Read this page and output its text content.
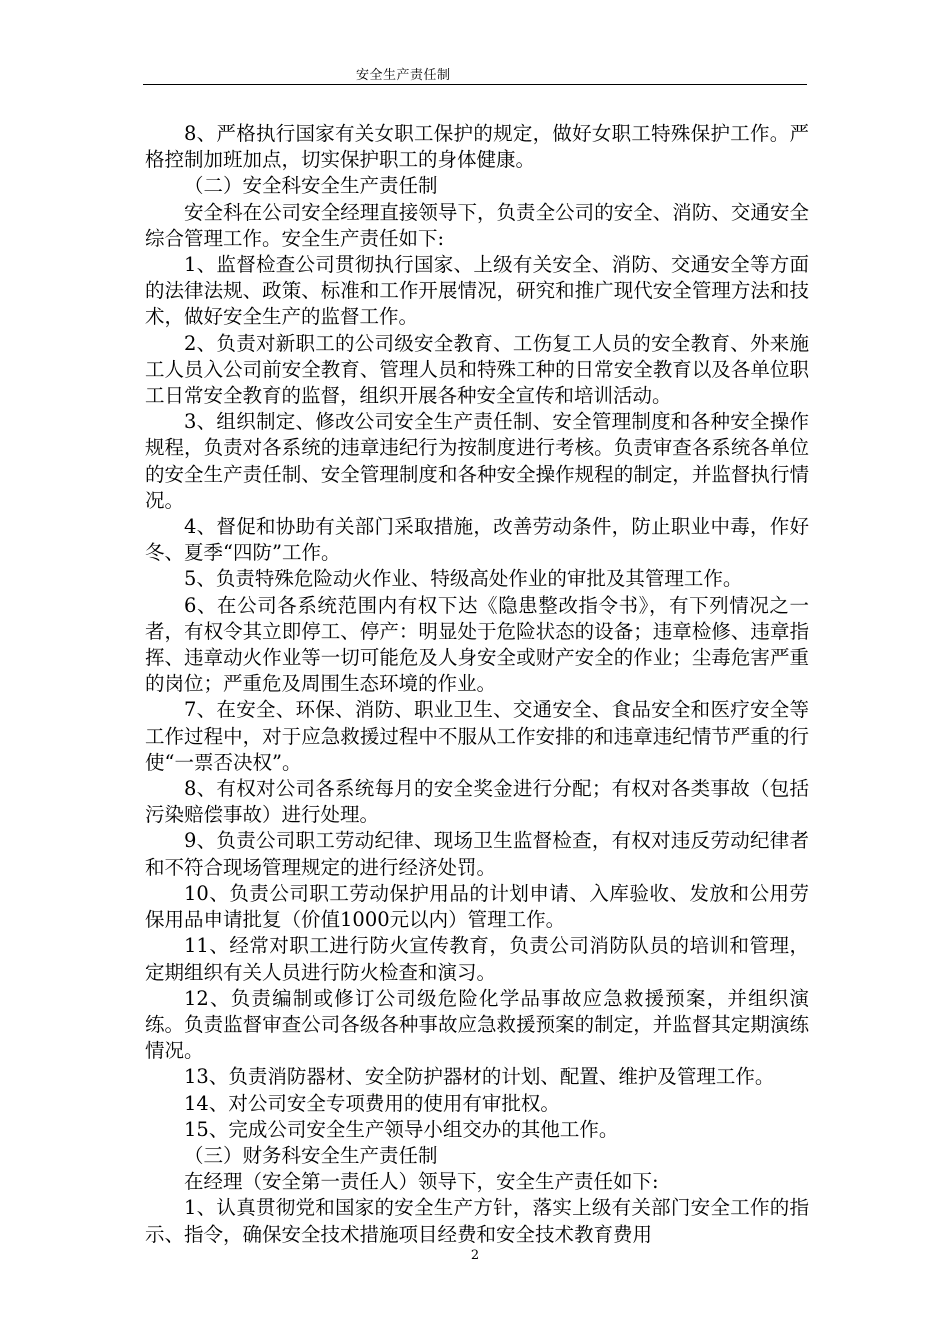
安全生产责任制

8、严格执行国家有关女职工保护的规定，做好女职工特殊保护工作。严格控制加班加点，切实保护职工的身体健康。

（二）安全科安全生产责任制

安全科在公司安全经理直接领导下，负责全公司的安全、消防、交通安全综合管理工作。安全生产责任如下:

1、监督检查公司贯彻执行国家、上级有关安全、消防、交通安全等方面的法律法规、政策、标准和工作开展情况，研究和推广现代安全管理方法和技术，做好安全生产的监督工作。

2、负责对新职工的公司级安全教育、工伤复工人员的安全教育、外来施工人员入公司前安全教育、管理人员和特殊工种的日常安全教育以及各单位职工日常安全教育的监督，组织开展各种安全宣传和培训活动。

3、组织制定、修改公司安全生产责任制、安全管理制度和各种安全操作规程，负责对各系统的违章违纪行为按制度进行考核。负责审查各系统各单位的安全生产责任制、安全管理制度和各种安全操作规程的制定，并监督执行情况。

4、督促和协助有关部门采取措施，改善劳动条件，防止职业中毒，作好冬、夏季“四防”工作。

5、负责特殊危险动火作业、特级高处作业的审批及其管理工作。

6、在公司各系统范围内有权下达《隐患整改指令书》，有下列情况之一者，有权令其立即停工、停产：明显处于危险状态的设备；违章检修、违章指挥、违章动火作业等一切可能危及人身安全或财产安全的作业；尘毒危害严重的岗位；严重危及周围生态环境的作业。

7、在安全、环保、消防、职业卫生、交通安全、食品安全和医疗安全等工作过程中，对于应急救援过程中不服从工作安排的和违章违纪情节严重的行使“一票否决权”。

8、有权对公司各系统每月的安全奖金进行分配；有权对各类事故（包括污染赔偿事故）进行处理。

9、负责公司职工劳动纪律、现场卫生监督检查，有权对违反劳动纪律者和不符合现场管理规定的进行经济处罚。

10、负责公司职工劳动保护用品的计划申请、入库验收、发放和公用劳保用品申请批复（价值1000元以内）管理工作。

11、经常对职工进行防火宣传教育，负责公司消防队员的培训和管理，定期组织有关人员进行防火检查和演习。

12、负责编制或修订公司级危险化学品事故应急救援预案，并组织演练。负责监督审查公司各级各种事故应急救援预案的制定，并监督其定期演练情况。

13、负责消防器材、安全防护器材的计划、配置、维护及管理工作。

14、对公司安全专项费用的使用有审批权。

15、完成公司安全生产领导小组交办的其他工作。

（三）财务科安全生产责任制

在经理（安全第一责任人）领导下，安全生产责任如下:

1、认真贯彻党和国家的安全生产方针，落实上级有关部门安全工作的指示、指令，确保安全技术措施项目经费和安全技术教育费用

2
